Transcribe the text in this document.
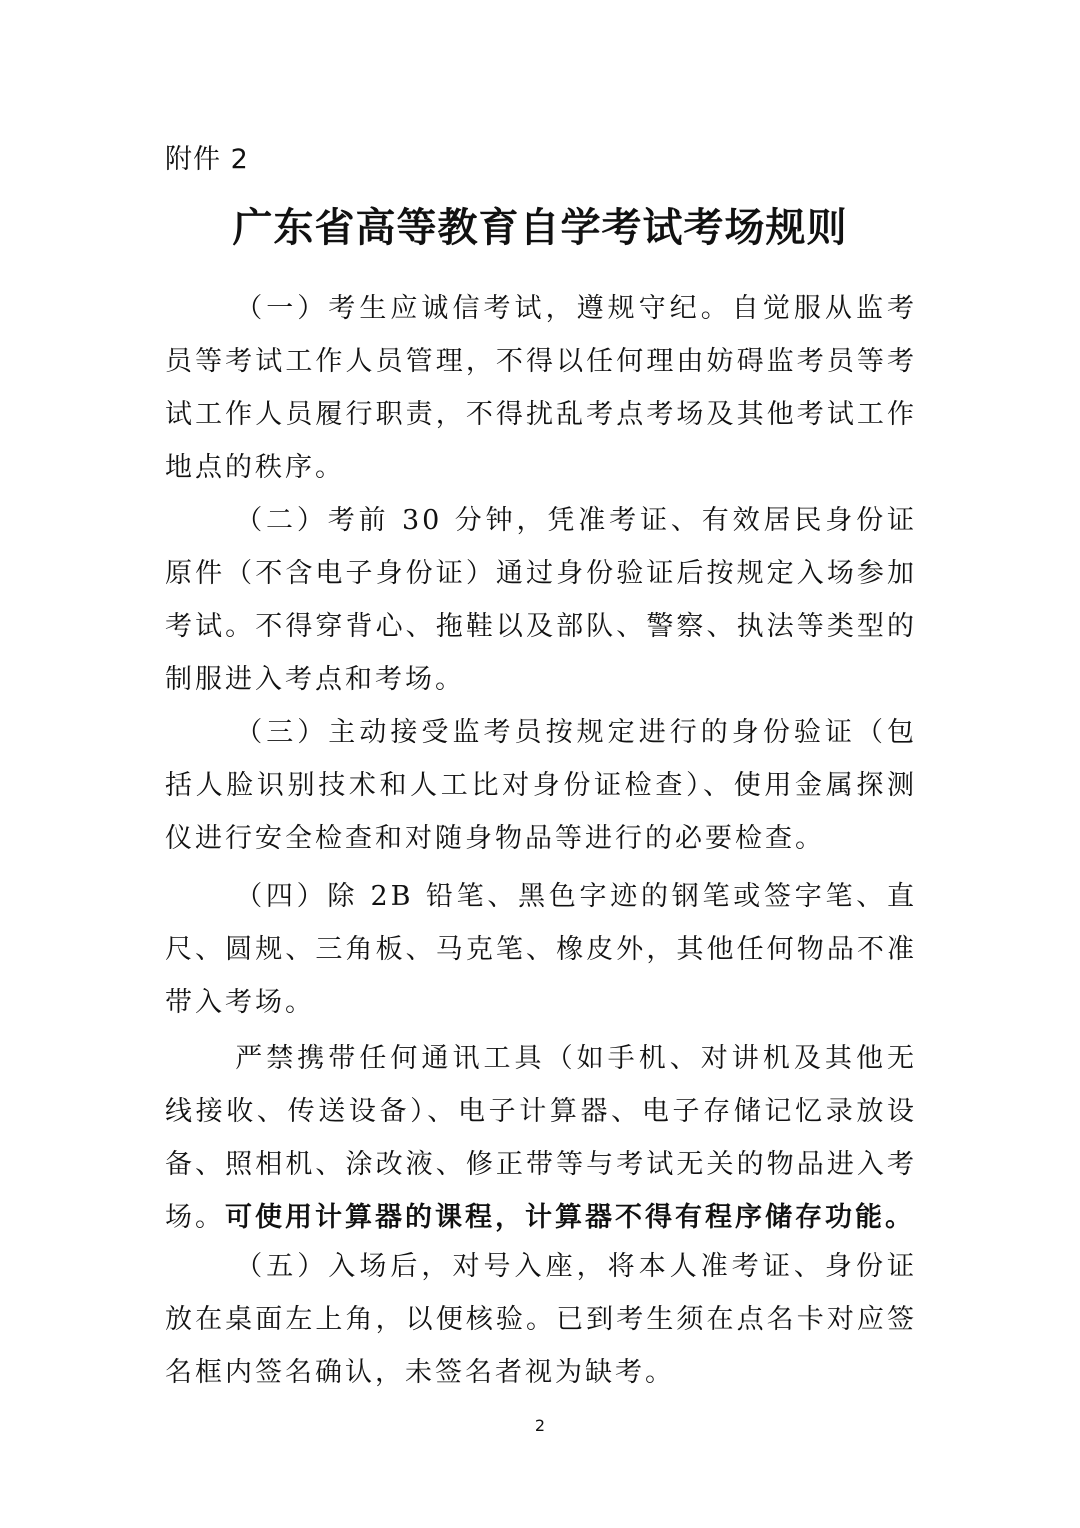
附件 2
广东省高等教育自学考试考场规则

（一）考生应诚信考试，遵规守纪。自觉服从监考员等考试工作人员管理，不得以任何理由妨碍监考员等考试工作人员履行职责，不得扰乱考点考场及其他考试工作地点的秩序。

（二）考前 30 分钟，凭准考证、有效居民身份证原件（不含电子身份证）通过身份验证后按规定入场参加考试。不得穿背心、拖鞋以及部队、警察、执法等类型的制服进入考点和考场。

（三）主动接受监考员按规定进行的身份验证（包括人脸识别技术和人工比对身份证检查）、使用金属探测仪进行安全检查和对随身物品等进行的必要检查。

（四）除 2B 铅笔、黑色字迹的钢笔或签字笔、直尺、圆规、三角板、马克笔、橡皮外，其他任何物品不准带入考场。

严禁携带任何通讯工具（如手机、对讲机及其他无线接收、传送设备）、电子计算器、电子存储记忆录放设备、照相机、涂改液、修正带等与考试无关的物品进入考场。可使用计算器的课程，计算器不得有程序储存功能。

（五）入场后，对号入座，将本人准考证、身份证放在桌面左上角，以便核验。已到考生须在点名卡对应签名框内签名确认，未签名者视为缺考。

2
